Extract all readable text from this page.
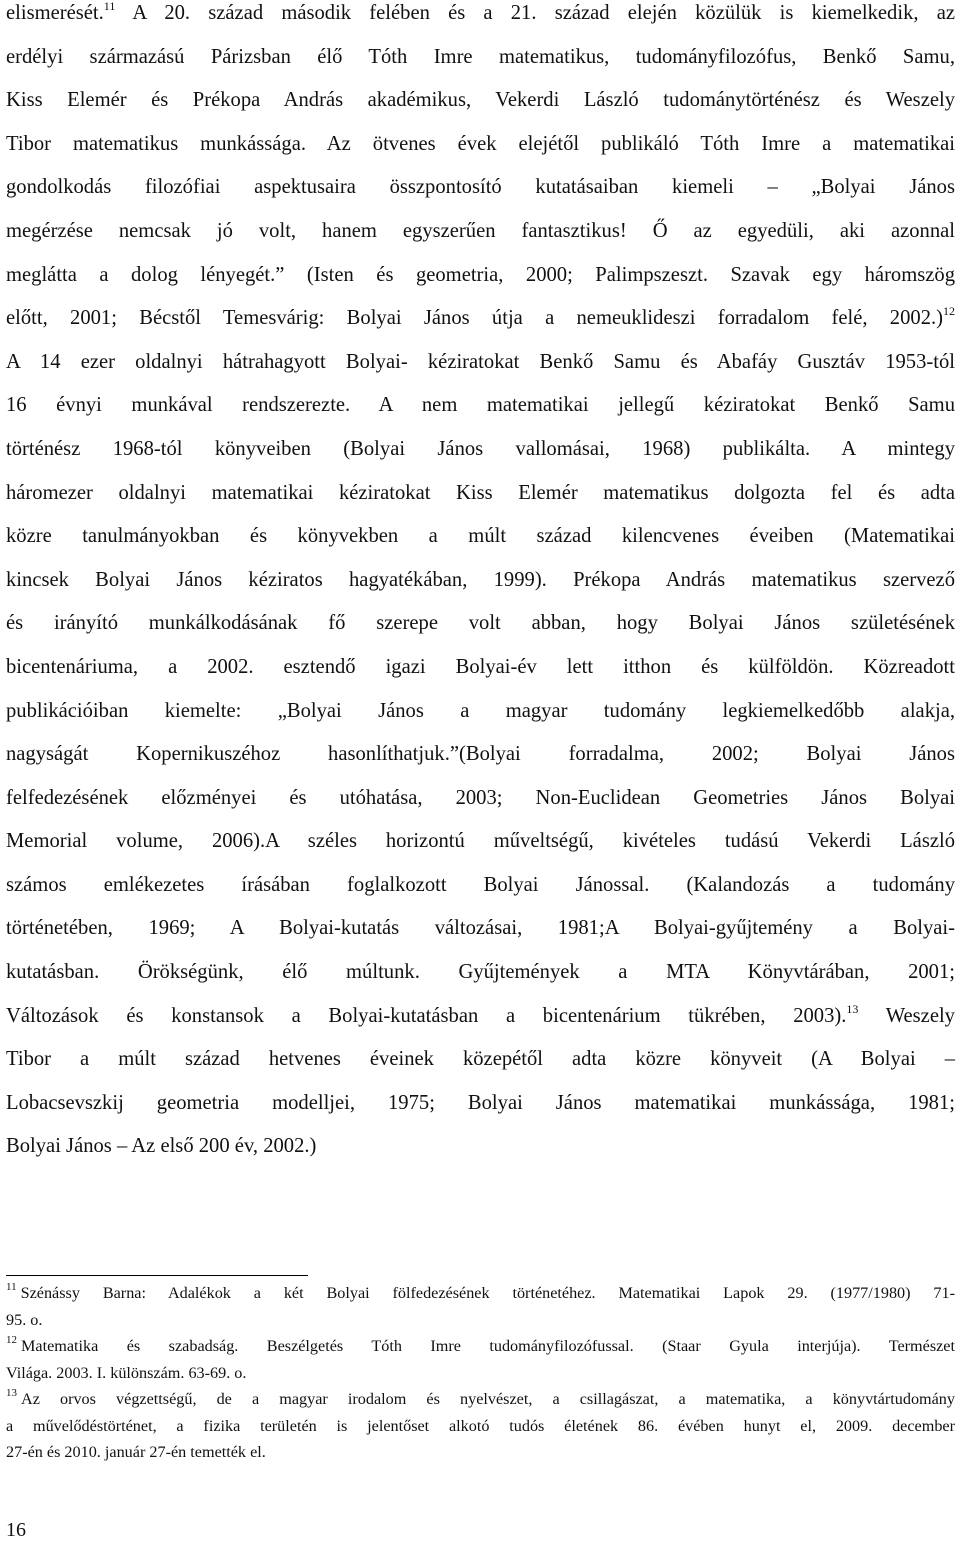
elismerését.$^{11}$ A 20. század második felében és a 21. század elején közülük is kiemelkedik, az
erdélyi származású Párizsban élő Tóth Imre matematikus, tudományfilozófus, Benkő Samu,
Kiss Elemér és Prékopa András akadémikus, Vekerdi László tudománytörténész és Weszely
Tibor matematikus munkássága. Az ötvenes évek elejétől publikáló Tóth Imre a matematikai
gondolkodás filozófiai aspektusaira összpontosító kutatásaiban kiemeli – „Bolyai János
megérzése nemcsak jó volt, hanem egyszerűen fantasztikus! Ő az egyedüli, aki azonnal
meglátta a dolog lényegét.” (Isten és geometria, 2000; Palimpszeszt. Szavak egy háromszög
előtt, 2001; Bécstől Temesvárig: Bolyai János útja a nemeuklideszi forradalom felé, 2002.)$^{12}$
A 14 ezer oldalnyi hátrahagyott Bolyai- kéziratokat Benkő Samu és Abafáy Gusztáv 1953-tól
16 évnyi munkával rendszerezte. A nem matematikai jellegű kéziratokat Benkő Samu
történész 1968-tól könyveiben (Bolyai János vallomásai, 1968) publikálta. A mintegy
háromezer oldalnyi matematikai kéziratokat Kiss Elemér matematikus dolgozta fel és adta
közre tanulmányokban és könyvekben a múlt század kilencvenes éveiben (Matematikai
kincsek Bolyai János kéziratos hagyatékában, 1999). Prékopa András matematikus szervező
és irányító munkálkodásának fő szerepe volt abban, hogy Bolyai János születésének
bicentenáriuma, a 2002. esztendő igazi Bolyai-év lett itthon és külföldön. Közreadott
publikációiban kiemelte: „Bolyai János a magyar tudomány legkiemelkedőbb alakja,
nagyságát Kopernikuszéhoz hasonlíthatjuk.”(Bolyai forradalma, 2002; Bolyai János
felfedezésének előzményei és utóhatása, 2003; Non-Euclidean Geometries János Bolyai
Memorial volume, 2006).A széles horizontú műveltségű, kivételes tudású Vekerdi László
számos emlékezetes írásában foglalkozott Bolyai Jánossal. (Kalandozás a tudomány
történetében, 1969; A Bolyai-kutatás változásai, 1981;A Bolyai-gyűjtemény a Bolyai-
kutatásban. Örökségünk, élő múltunk. Gyűjtemények a MTA Könyvtárában, 2001;
Változások és konstansok a Bolyai-kutatásban a bicentenárium tükrében, 2003).$^{13}$ Weszely
Tibor a múlt század hetvenes éveinek közepétől adta közre könyveit (A Bolyai –
Lobacsevszkij geometria modelljei, 1975; Bolyai János matematikai munkássága, 1981;
Bolyai János – Az első 200 év, 2002.)
$^{11}$ Szénássy Barna: Adalékok a két Bolyai fölfedezésének történetéhez. Matematikai Lapok 29. (1977/1980) 71-
95. o.
$^{12}$ Matematika és szabadság. Beszélgetés Tóth Imre tudományfilozófussal. (Staar Gyula interjúja). Természet
Világa. 2003. I. különszám. 63-69. o.
$^{13}$ Az orvos végzettségű, de a magyar irodalom és nyelvészet, a csillagászat, a matematika, a könyvtártudomány
a művelődéstörténet, a fizika területén is jelentőset alkotó tudós életének 86. évében hunyt el, 2009. december
27-én és 2010. január 27-én temették el.
16
